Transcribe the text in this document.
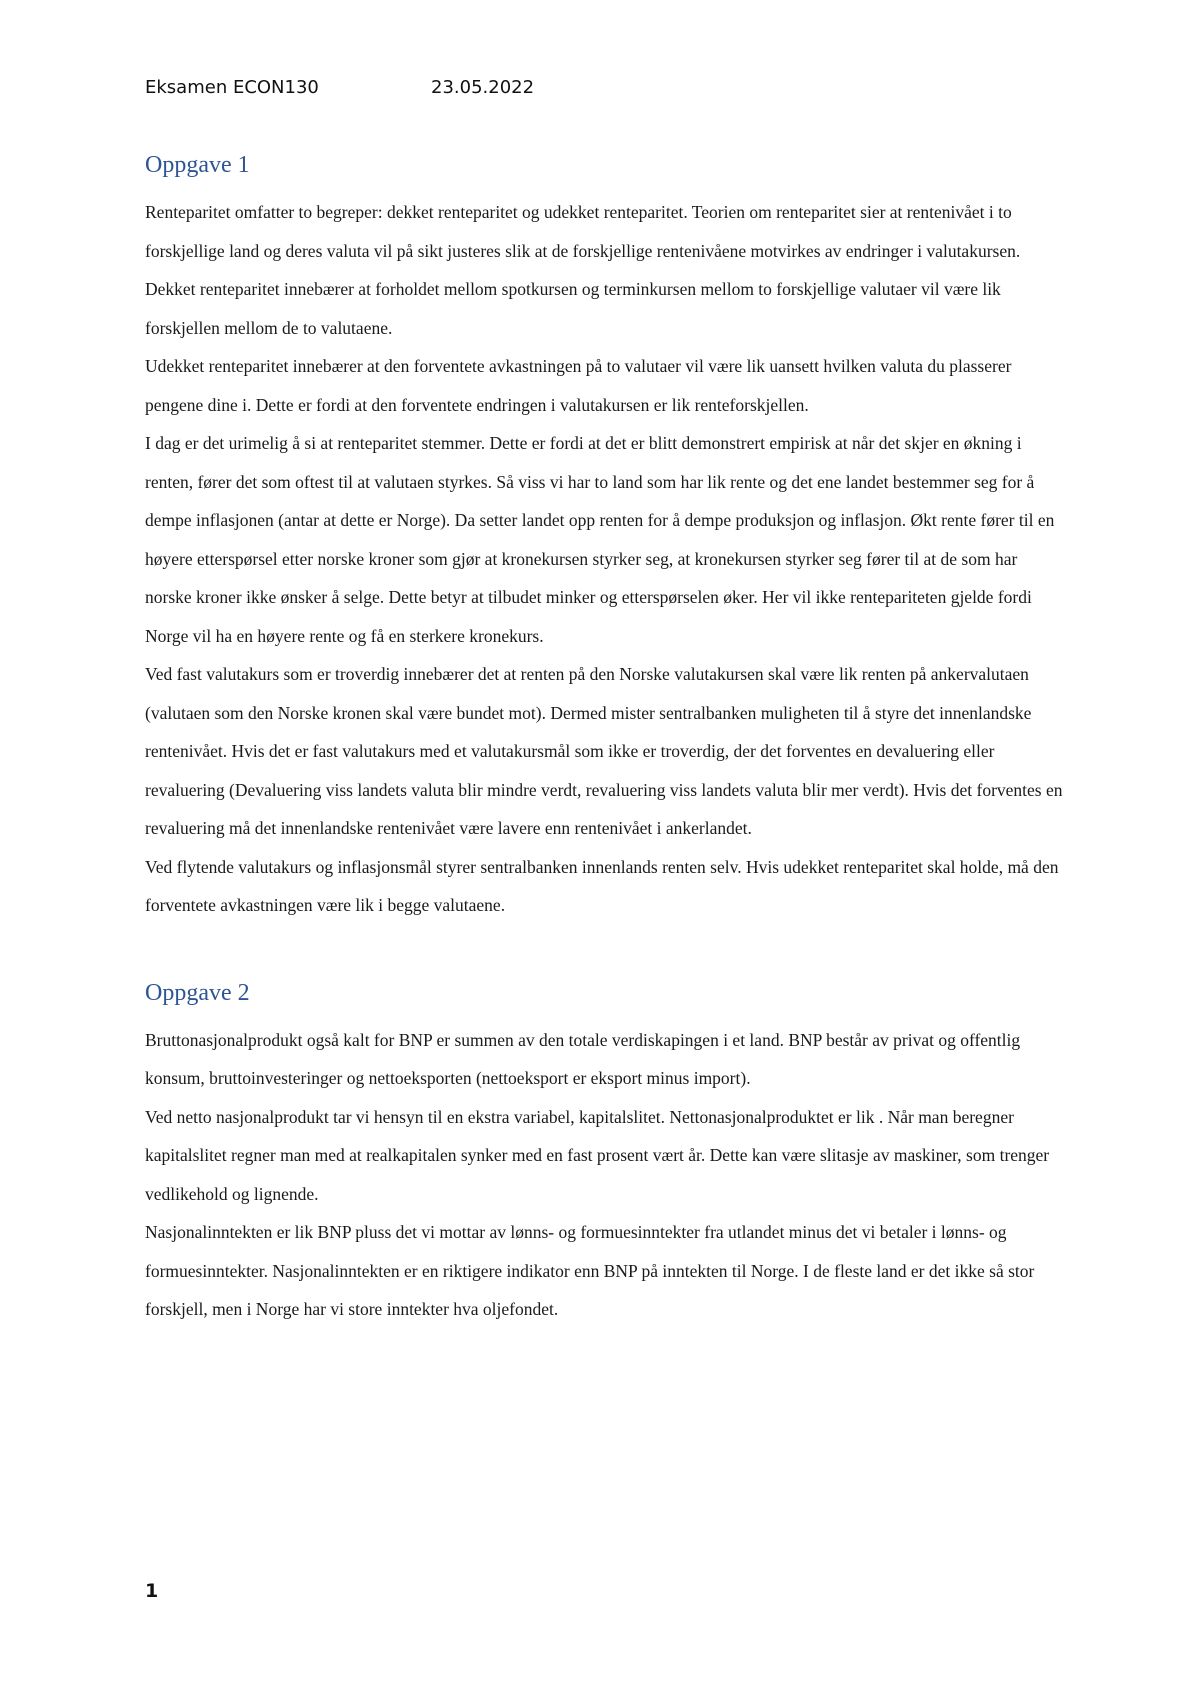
Eksamen ECON130	23.05.2022
Oppgave 1

Renteparitet omfatter to begreper: dekket renteparitet og udekket renteparitet. Teorien om renteparitet sier at rentenivået i to forskjellige land og deres valuta vil på sikt justeres slik at de forskjellige rentenivåene motvirkes av endringer i valutakursen.

Dekket renteparitet innebærer at forholdet mellom spotkursen og terminkursen mellom to forskjellige valutaer vil være lik forskjellen mellom de to valutaene.

Udekket renteparitet innebærer at den forventete avkastningen på to valutaer vil være lik uansett hvilken valuta du plasserer pengene dine i. Dette er fordi at den forventete endringen i valutakursen er lik renteforskjellen.

I dag er det urimelig å si at renteparitet stemmer. Dette er fordi at det er blitt demonstrert empirisk at når det skjer en økning i renten, fører det som oftest til at valutaen styrkes. Så viss vi har to land som har lik rente og det ene landet bestemmer seg for å dempe inflasjonen (antar at dette er Norge). Da setter landet opp renten for å dempe produksjon og inflasjon. Økt rente fører til en høyere etterspørsel etter norske kroner som gjør at kronekursen styrker seg, at kronekursen styrker seg fører til at de som har norske kroner ikke ønsker å selge. Dette betyr at tilbudet minker og etterspørselen øker. Her vil ikke rentepariteten gjelde fordi Norge vil ha en høyere rente og få en sterkere kronekurs.

Ved fast valutakurs som er troverdig innebærer det at renten på den Norske valutakursen skal være lik renten på ankervalutaen (valutaen som den Norske kronen skal være bundet mot). Dermed mister sentralbanken muligheten til å styre det innenlandske rentenivået. Hvis det er fast valutakurs med et valutakursmål som ikke er troverdig, der det forventes en devaluering eller revaluering (Devaluering viss landets valuta blir mindre verdt, revaluering viss landets valuta blir mer verdt). Hvis det forventes en revaluering må det innenlandske rentenivået være lavere enn rentenivået i ankerlandet.

Ved flytende valutakurs og inflasjonsmål styrer sentralbanken innenlands renten selv. Hvis udekket renteparitet skal holde, må den forventete avkastningen være lik i begge valutaene.

Oppgave 2

Bruttonasjonalprodukt også kalt for BNP er summen av den totale verdiskapingen i et land. BNP består av privat og offentlig konsum, bruttoinvesteringer og nettoeksporten (nettoeksport er eksport minus import).

Ved netto nasjonalprodukt tar vi hensyn til en ekstra variabel, kapitalslitet. Nettonasjonalproduktet er lik . Når man beregner kapitalslitet regner man med at realkapitalen synker med en fast prosent vært år. Dette kan være slitasje av maskiner, som trenger vedlikehold og lignende.

Nasjonalinntekten er lik BNP pluss det vi mottar av lønns- og formuesinntekter fra utlandet minus det vi betaler i lønns- og formuesinntekter. Nasjonalinntekten er en riktigere indikator enn BNP på inntekten til Norge. I de fleste land er det ikke så stor forskjell, men i Norge har vi store inntekter hva oljefondet.

1
